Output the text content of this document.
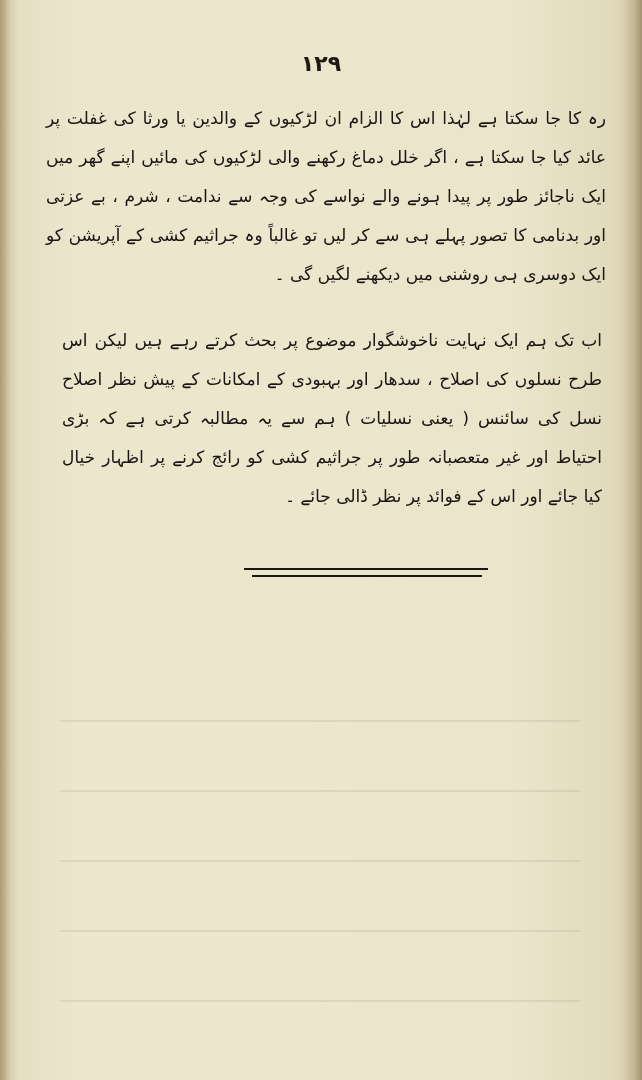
١٢٩
رہ کا جا سکتا ہے لہٰذا اس کا الزام ان لڑکیوں کے والدین یا ورثا کی غفلت پر عائد کیا جا سکتا ہے ، اگر خلل دماغ رکھنے والی لڑکیوں کی مائیں اپنے گھر میں ایک ناجائز طور پر پیدا ہونے والے نواسے کی وجہ سے ندامت ، شرم ، بے عزتی اور بدنامی کا تصور پہلے ہی سے کر لیں تو غالباً وہ جراثیم کشی کے آپریشن کو ایک دوسری ہی روشنی میں دیکھنے لگیں گی ۔
اب تک ہم ایک نہایت ناخوشگوار موضوع پر بحث کرتے رہے ہیں لیکن اس طرح نسلوں کی اصلاح ، سدھار اور بہبودی کے امکانات کے پیش نظر اصلاح نسل کی سائنس ( یعنی نسلیات ) ہم سے یہ مطالبہ کرتی ہے کہ بڑی احتیاط اور غیر متعصبانہ طور پر جراثیم کشی کو رائج کرنے پر اظہار خیال کیا جائے اور اس کے فوائد پر نظر ڈالی جائے ۔
